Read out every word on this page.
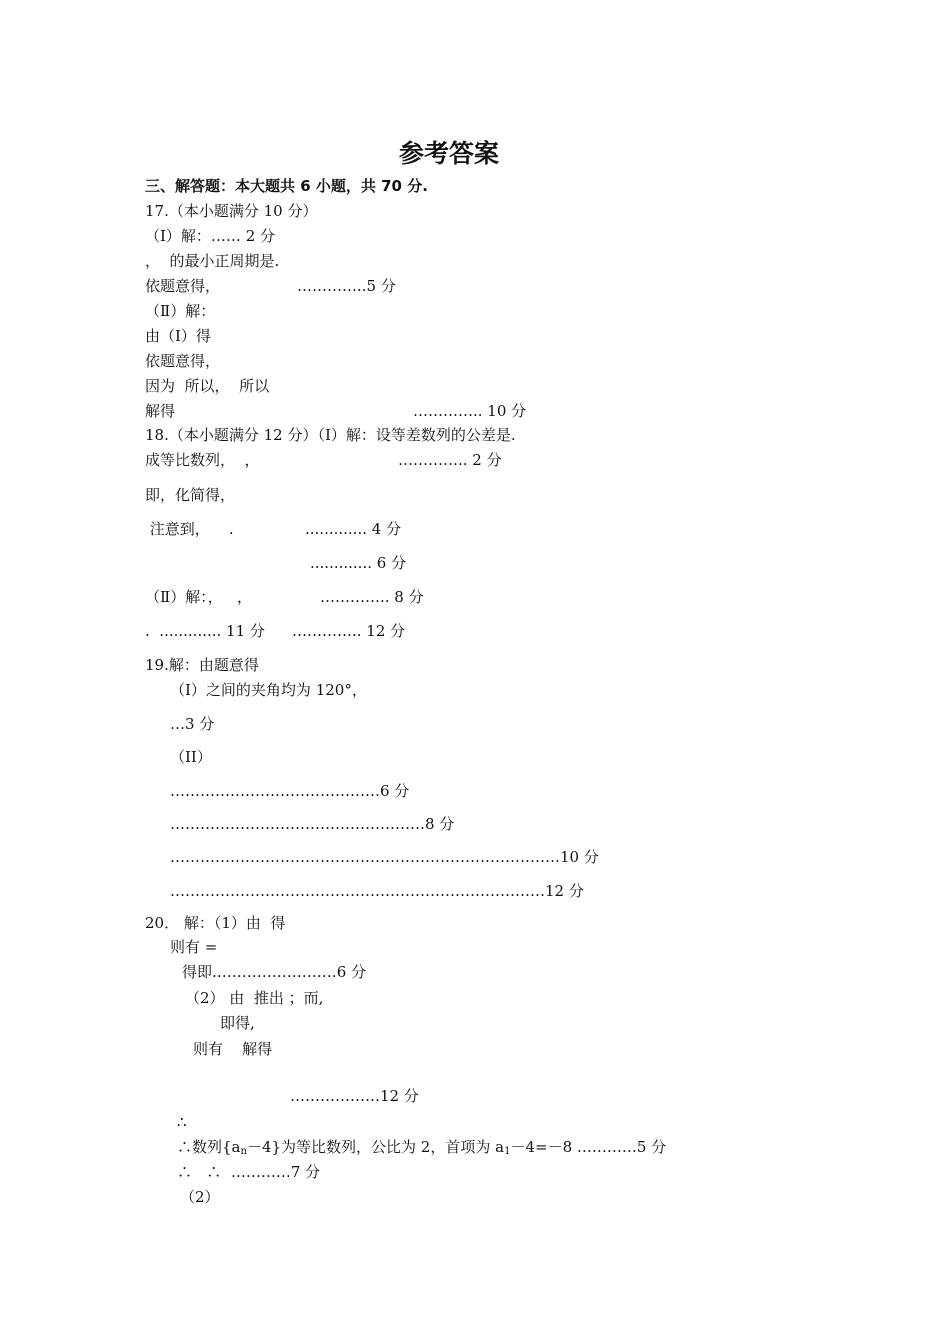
参考答案
三、解答题：本大题共 6 小题，共 70 分.
17.（本小题满分 10 分）
（Ⅰ）解：…… 2 分
，  的最小正周期是.
依题意得，	…………..5 分
（Ⅱ）解：
由（Ⅰ）得
依题意得，
因为  所以，  所以
解得	………….. 10 分
18.（本小题满分 12 分）（Ⅰ）解：设等差数列的公差是.
成等比数列，  ，	………….. 2 分
即，化简得，
注意到，    .	............. 4 分
............. 6 分
（Ⅱ）解：，   ，	………….. 8 分
.  ............. 11 分 ………….. 12 分
19.解：由题意得
（I）之间的夹角均为 120°，
…3 分
（II）
……………………………………6 分
……………………………………………8 分
……………………………………………………………………10 分
…………………………………………………………………12 分
20． 解：（1）由  得
则有 =
得即.……………………6 分
（2） 由  推出 ；而,
即得,
则有    解得
………………12 分
∴
∴数列$\{a_n-4\}$为等比数列，公比为 2，首项为 $a_1-4=-8$ …………5 分
∴   ∴  …………7 分
（2）
